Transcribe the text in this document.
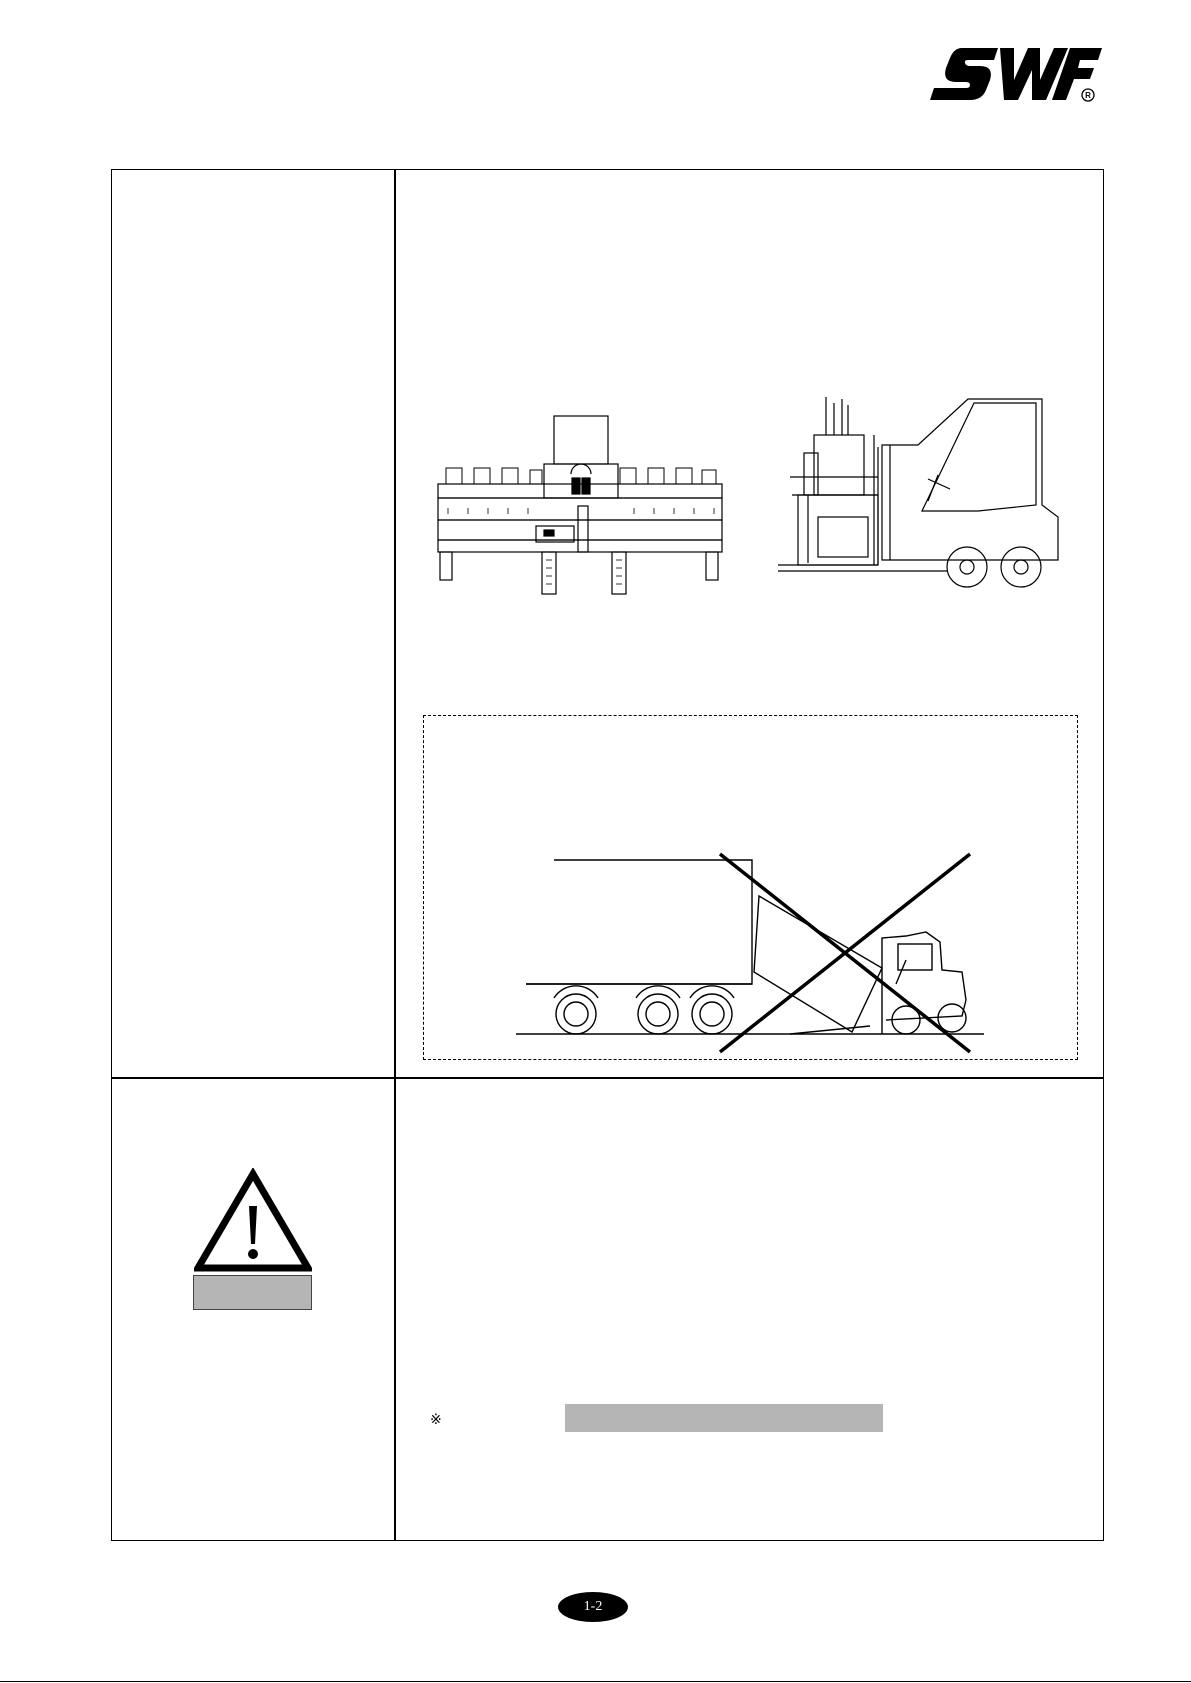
R
※
1-2
